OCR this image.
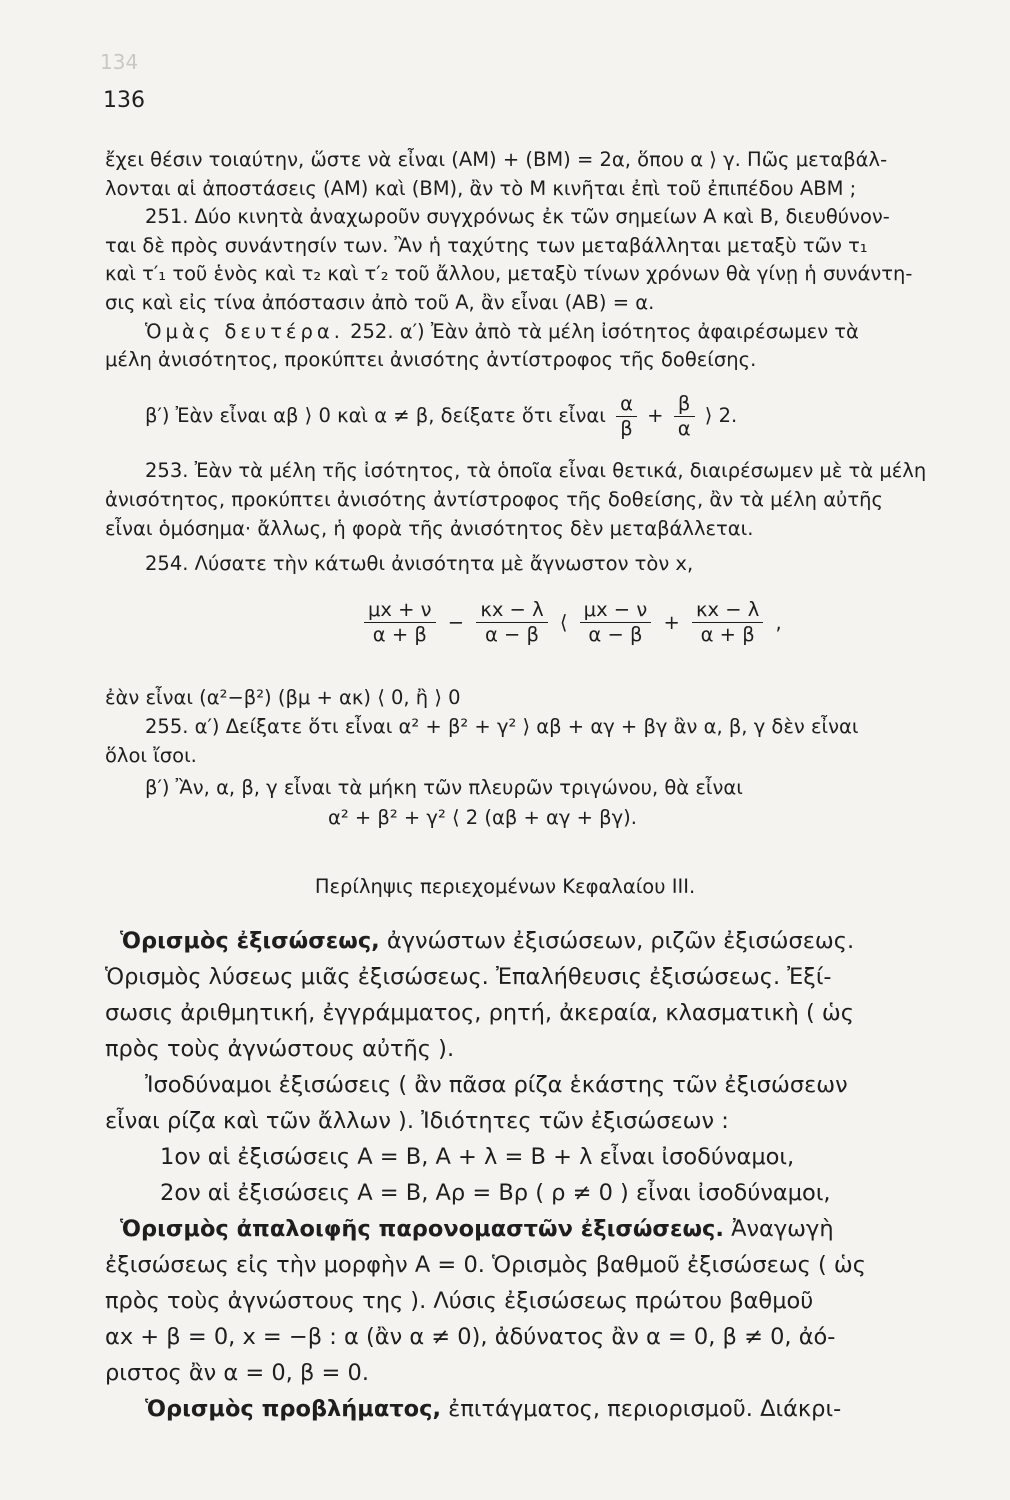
134
136
ἔχει θέσιν τοιαύτην, ὥστε νὰ εἶναι (ΑΜ) + (ΒΜ) = 2α, ὅπου α ⟩ γ. Πῶς μεταβάλ-
λονται αἱ ἀποστάσεις (ΑΜ) καὶ (ΒΜ), ἂν τὸ Μ κινῆται ἐπὶ τοῦ ἐπιπέδου ΑΒΜ ;
251. Δύο κινητὰ ἀναχωροῦν συγχρόνως ἐκ τῶν σημείων Α καὶ Β, διευθύνον-
ται δὲ πρὸς συνάντησίν των. Ἂν ἡ ταχύτης των μεταβάλληται μεταξὺ τῶν τ₁
καὶ τ′₁ τοῦ ἑνὸς καὶ τ₂ καὶ τ′₂ τοῦ ἄλλου, μεταξὺ τίνων χρόνων θὰ γίνῃ ἡ συνάντη-
σις καὶ εἰς τίνα ἀπόστασιν ἀπὸ τοῦ Α, ἂν εἶναι (ΑΒ) = α.
Ὁμὰς δευτέρα. 252. α′) Ἐὰν ἀπὸ τὰ μέλη ἰσότητος ἀφαιρέσωμεν τὰ
μέλη ἀνισότητος, προκύπτει ἀνισότης ἀντίστροφος τῆς δοθείσης.
β′) Ἐὰν εἶναι αβ ⟩ 0 καὶ α ≠ β, δείξατε ὅτι εἶναι $\frac{\alpha}{\beta} + \frac{\beta}{\alpha}$ ⟩ 2.
253. Ἐὰν τὰ μέλη τῆς ἰσότητος, τὰ ὁποῖα εἶναι θετικά, διαιρέσωμεν μὲ τὰ μέλη
ἀνισότητος, προκύπτει ἀνισότης ἀντίστροφος τῆς δοθείσης, ἂν τὰ μέλη αὐτῆς
εἶναι ὁμόσημα· ἄλλως, ἡ φορὰ τῆς ἀνισότητος δὲν μεταβάλλεται.
254. Λύσατε τὴν κάτωθι ἀνισότητα μὲ ἄγνωστον τὸν x,
$\frac{\mu x + \nu}{\alpha + \beta} - \frac{\kappa x - \lambda}{\alpha - \beta}$ ⟨ $\frac{\mu x - \nu}{\alpha - \beta} + \frac{\kappa x - \lambda}{\alpha + \beta}$ ,
ἐὰν εἶναι (α²−β²) (βμ + ακ) ⟨ 0, ἢ ⟩ 0
255. α′) Δείξατε ὅτι εἶναι α² + β² + γ² ⟩ αβ + αγ + βγ ἂν α, β, γ δὲν εἶναι
ὅλοι ἴσοι.
β′) Ἂν, α, β, γ εἶναι τὰ μήκη τῶν πλευρῶν τριγώνου, θὰ εἶναι
α² + β² + γ² ⟨ 2 (αβ + αγ + βγ).
Περίληψις περιεχομένων Κεφαλαίου ΙΙΙ.
Ὁρισμὸς ἐξισώσεως, ἀγνώστων ἐξισώσεων, ριζῶν ἐξισώσεως.
Ὁρισμὸς λύσεως μιᾶς ἐξισώσεως. Ἐπαλήθευσις ἐξισώσεως. Ἐξί-
σωσις ἀριθμητική, ἐγγράμματος, ρητή, ἀκεραία, κλασματικὴ ( ὡς
πρὸς τοὺς ἀγνώστους αὐτῆς ).
Ἰσοδύναμοι ἐξισώσεις ( ἂν πᾶσα ρίζα ἑκάστης τῶν ἐξισώσεων
εἶναι ρίζα καὶ τῶν ἄλλων ). Ἰδιότητες τῶν ἐξισώσεων :
1ον αἱ ἐξισώσεις Α = Β, Α + λ = Β + λ εἶναι ἰσοδύναμοι,
2ον αἱ ἐξισώσεις Α = Β, Αρ = Βρ ( ρ ≠ 0 ) εἶναι ἰσοδύναμοι,
Ὁρισμὸς ἀπαλοιφῆς παρονομαστῶν ἐξισώσεως. Ἀναγωγὴ
ἐξισώσεως εἰς τὴν μορφὴν Α = 0. Ὁρισμὸς βαθμοῦ ἐξισώσεως ( ὡς
πρὸς τοὺς ἀγνώστους της ). Λύσις ἐξισώσεως πρώτου βαθμοῦ
αx + β = 0, x = −β : α (ἂν α ≠ 0), ἀδύνατος ἂν α = 0, β ≠ 0, ἀό-
ριστος ἂν α = 0, β = 0.
Ὁρισμὸς προβλήματος, ἐπιτάγματος, περιορισμοῦ. Διάκρι-
